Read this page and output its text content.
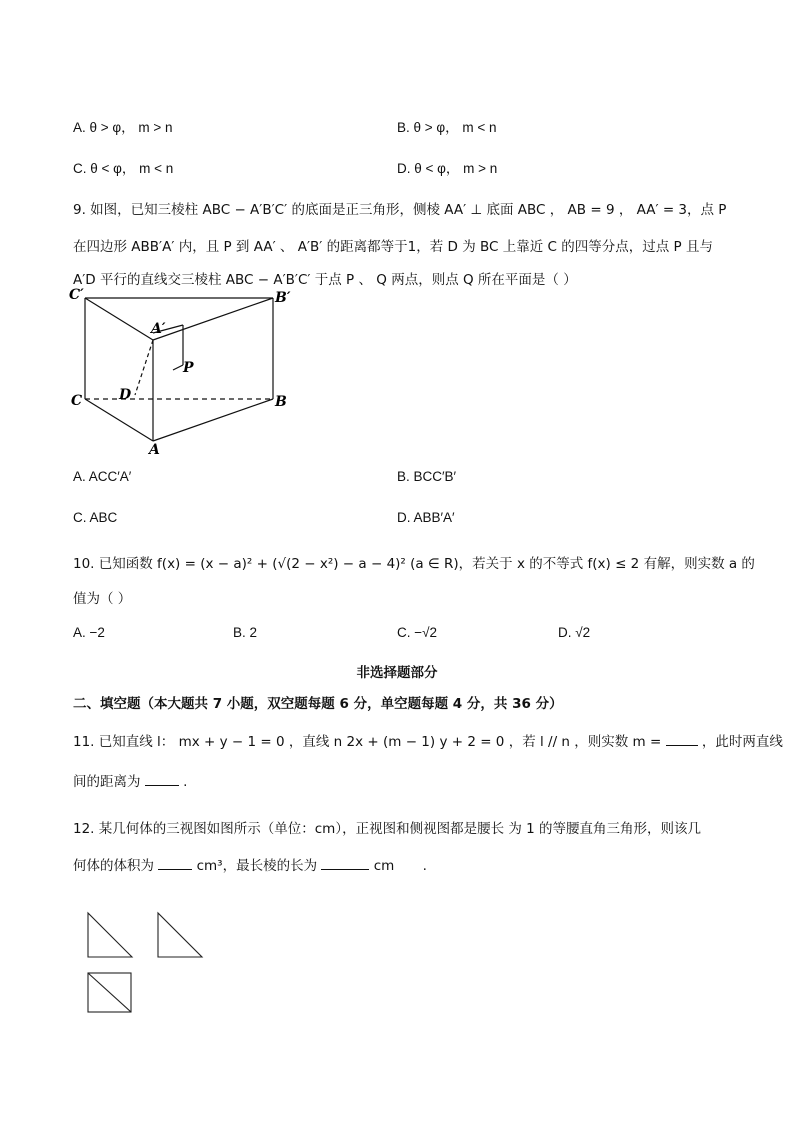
A. θ > φ， m > n	B. θ > φ， m < n
C. θ < φ， m < n	D. θ < φ， m > n
9. 如图，已知三棱柱 ABC − A′B′C′ 的底面是正三角形，侧棱 AA′ ⊥ 底面 ABC ， AB = 9 ， AA′ = 3，点 P
在四边形 ABB′A′ 内，且 P 到 AA′ 、 A′B′ 的距离都等于1，若 D 为 BC 上靠近 C 的四等分点，过点 P 且与
A′D 平行的直线交三棱柱 ABC − A′B′C′ 于点 P 、 Q 两点，则点 Q 所在平面是（ ）
C′	B′
A′
P
D
C	B
A
A. ACC′A′	B. BCC′B′
C. ABC	D. ABB′A′
10. 已知函数 f(x) = (x − a)² + (√(2 − x²) − a − 4)² (a ∈ R)，若关于 x 的不等式 f(x) ≤ 2 有解，则实数 a 的
值为（ ）
A. −2	B. 2	C. −√2	D. √2
非选择题部分
二、填空题（本大题共 7 小题，双空题每题 6 分，单空题每题 4 分，共 36 分）
11. 已知直线 l： mx + y − 1 = 0 ，直线 n 2x + (m − 1) y + 2 = 0 ，若 l // n ，则实数 m =	，此时两直线
间的距离为	.
12. 某几何体的三视图如图所示（单位：cm），正视图和侧视图都是腰长 为 1 的等腰直角三角形，则该几
何体的体积为	cm³，最长棱的长为	cm .
